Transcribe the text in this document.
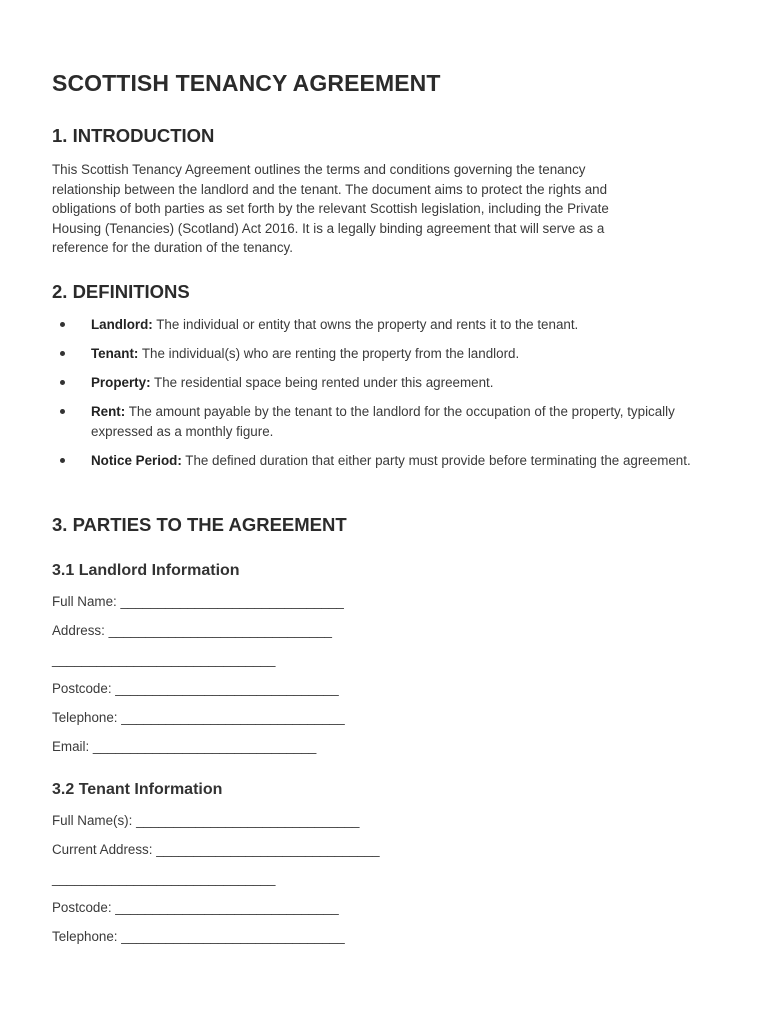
SCOTTISH TENANCY AGREEMENT
1. INTRODUCTION

This Scottish Tenancy Agreement outlines the terms and conditions governing the tenancy
relationship between the landlord and the tenant. The document aims to protect the rights and
obligations of both parties as set forth by the relevant Scottish legislation, including the Private
Housing (Tenancies) (Scotland) Act 2016. It is a legally binding agreement that will serve as a
reference for the duration of the tenancy.

2. DEFINITIONS
Landlord: The individual or entity that owns the property and rents it to the tenant.
Tenant: The individual(s) who are renting the property from the landlord.
Property: The residential space being rented under this agreement.
Rent: The amount payable by the tenant to the landlord for the occupation of the property, typically expressed as a monthly figure.
Notice Period: The defined duration that either party must provide before terminating the agreement.
3. PARTIES TO THE AGREEMENT
3.1 Landlord Information

Full Name: ______________________________

Address: ______________________________

______________________________

Postcode: ______________________________

Telephone: ______________________________

Email: ______________________________

3.2 Tenant Information

Full Name(s): ______________________________

Current Address: ______________________________

______________________________

Postcode: ______________________________

Telephone: ______________________________
